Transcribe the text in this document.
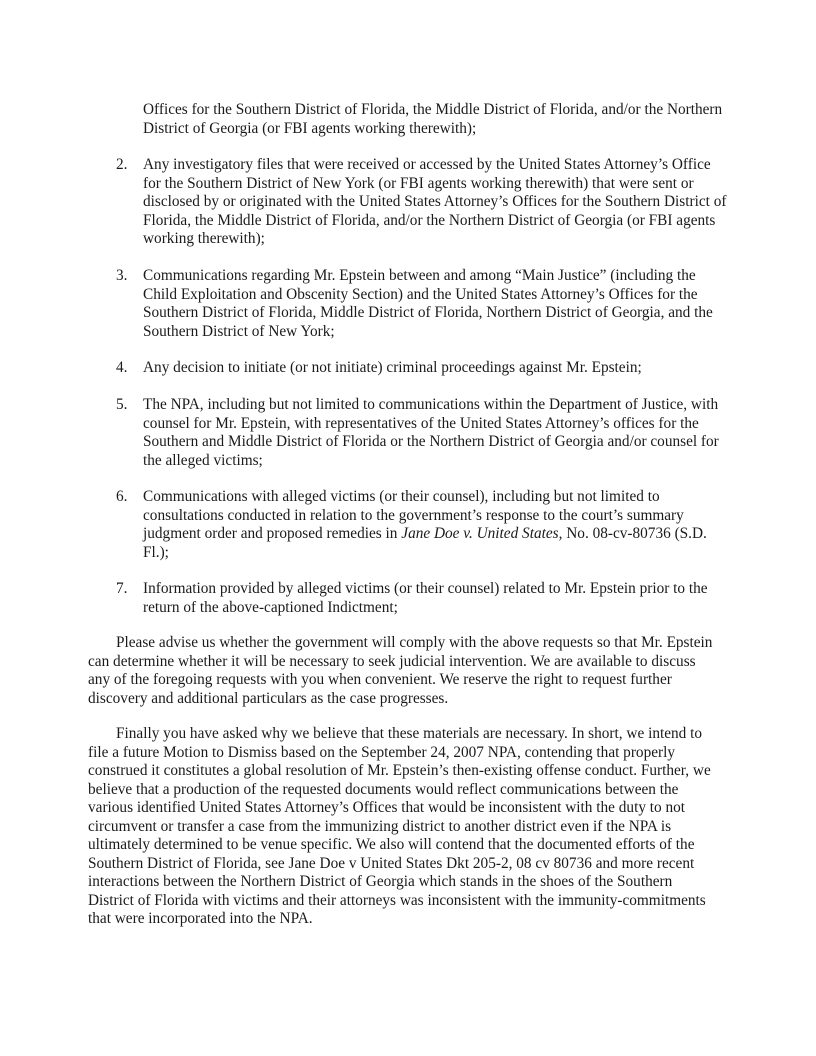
Offices for the Southern District of Florida, the Middle District of Florida, and/or the Northern District of Georgia (or FBI agents working therewith);

2.	Any investigatory files that were received or accessed by the United States Attorney’s Office for the Southern District of New York (or FBI agents working therewith) that were sent or disclosed by or originated with the United States Attorney’s Offices for the Southern District of Florida, the Middle District of Florida, and/or the Northern District of Georgia (or FBI agents working therewith);

3.	Communications regarding Mr. Epstein between and among “Main Justice” (including the Child Exploitation and Obscenity Section) and the United States Attorney’s Offices for the Southern District of Florida, Middle District of Florida, Northern District of Georgia, and the Southern District of New York;

4.	Any decision to initiate (or not initiate) criminal proceedings against Mr. Epstein;

5.	The NPA, including but not limited to communications within the Department of Justice, with counsel for Mr. Epstein, with representatives of the United States Attorney’s offices for the Southern and Middle District of Florida or the Northern District of Georgia and/or counsel for the alleged victims;

6.	Communications with alleged victims (or their counsel), including but not limited to consultations conducted in relation to the government’s response to the court’s summary judgment order and proposed remedies in Jane Doe v. United States, No. 08-cv-80736 (S.D. Fl.);

7.	Information provided by alleged victims (or their counsel) related to Mr. Epstein prior to the return of the above-captioned Indictment;

Please advise us whether the government will comply with the above requests so that Mr. Epstein can determine whether it will be necessary to seek judicial intervention. We are available to discuss any of the foregoing requests with you when convenient. We reserve the right to request further discovery and additional particulars as the case progresses.

Finally you have asked why we believe that these materials are necessary. In short, we intend to file a future Motion to Dismiss based on the September 24, 2007 NPA, contending that properly construed it constitutes a global resolution of Mr. Epstein’s then-existing offense conduct. Further, we believe that a production of the requested documents would reflect communications between the various identified United States Attorney’s Offices that would be inconsistent with the duty to not circumvent or transfer a case from the immunizing district to another district even if the NPA is ultimately determined to be venue specific. We also will contend that the documented efforts of the Southern District of Florida, see Jane Doe v United States Dkt 205-2, 08 cv 80736 and more recent interactions between the Northern District of Georgia which stands in the shoes of the Southern District of Florida with victims and their attorneys was inconsistent with the immunity-commitments that were incorporated into the NPA.
